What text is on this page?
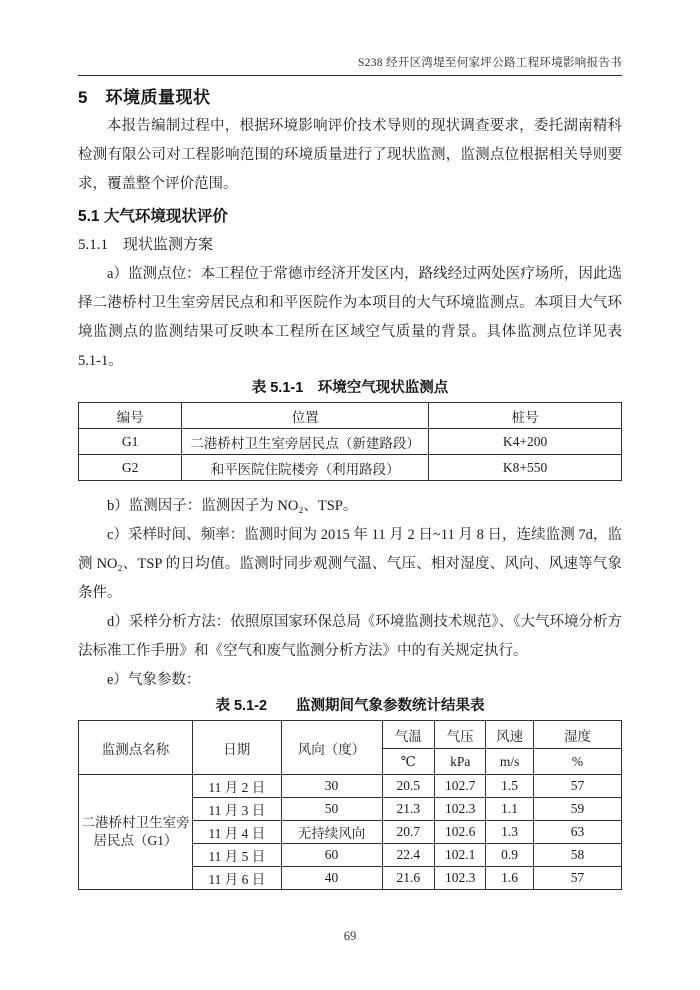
S238 经开区湾堤至何家坪公路工程环境影响报告书
5　环境质量现状

本报告编制过程中，根据环境影响评价技术导则的现状调查要求，委托湖南精科检测有限公司对工程影响范围的环境质量进行了现状监测，监测点位根据相关导则要求，覆盖整个评价范围。

5.1 大气环境现状评价
5.1.1　现状监测方案

a）监测点位：本工程位于常德市经济开发区内，路线经过两处医疗场所，因此选择二港桥村卫生室旁居民点和和平医院作为本项目的大气环境监测点。本项目大气环境监测点的监测结果可反映本工程所在区域空气质量的背景。具体监测点位详见表 5.1-1。

表 5.1-1　环境空气现状监测点
编号	位置	桩号
G1	二港桥村卫生室旁居民点（新建路段）	K4+200
G2	和平医院住院楼旁（利用路段）	K8+550

b）监测因子：监测因子为 NO₂、TSP。

c）采样时间、频率：监测时间为 2015 年 11 月 2 日~11 月 8 日，连续监测 7d，监测 NO₂、TSP 的日均值。监测时同步观测气温、气压、相对湿度、风向、风速等气象条件。

d）采样分析方法：依照原国家环保总局《环境监测技术规范》、《大气环境分析方法标准工作手册》和《空气和废气监测分析方法》中的有关规定执行。

e）气象参数：

表 5.1-2　　监测期间气象参数统计结果表
监测点名称	日期	风向（度）	气温	气压	风速	湿度
			℃	kPa	m/s	%
二港桥村卫生室旁居民点（G1）	11 月 2 日	30	20.5	102.7	1.5	57
	11 月 3 日	50	21.3	102.3	1.1	59
	11 月 4 日	无持续风向	20.7	102.6	1.3	63
	11 月 5 日	60	22.4	102.1	0.9	58
	11 月 6 日	40	21.6	102.3	1.6	57
69
